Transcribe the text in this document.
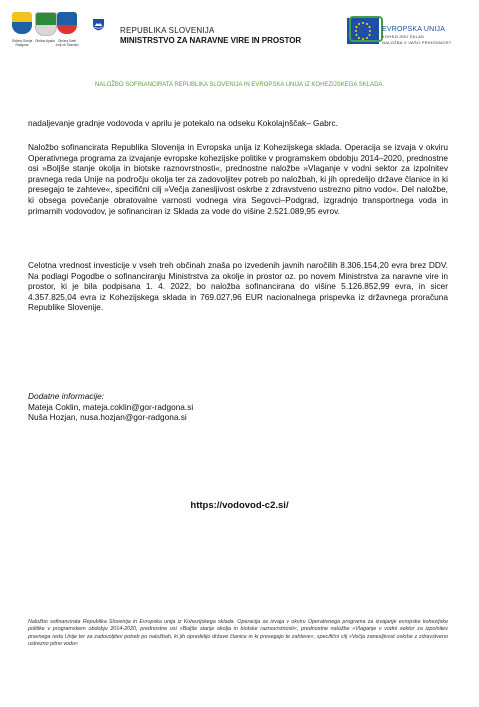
Občina Gornja Radgona
Občina Apače Občina Sveti Jurij ob Ščavnici
REPUBLIKA SLOVENIJA
MINISTRSTVO ZA NARAVNE VIRE IN PROSTOR
EVROPSKA UNIJA
KOHEZIJSKI SKLAD
NALOŽBA V VAŠO PRIHODNOST
NALOŽBO SOFINANCIRATA REPUBLIKA SLOVENIJA IN EVROPSKA UNIJA IZ KOHEZIJSKEGA SKLADA.
nadaljevanje gradnje vodovoda v aprilu je potekalo na odseku Kokolajnščak– Gabrc.
Naložbo sofinancirata Republika Slovenija in Evropska unija iz Kohezijskega sklada. Operacija se izvaja v okviru Operativnega programa za izvajanje evropske kohezijske politike v programskem obdobju 2014–2020, prednostne osi »Boljše stanje okolja in biotske raznovrstnosti«, prednostne naložbe »Vlaganje v vodni sektor za izpolnitev pravnega reda Unije na področju okolja ter za zadovoljitev potreb po naložbah, ki jih opredelijo države članice in ki presegajo te zahteve«, specifični cilj »Večja zanesljivost oskrbe z zdravstveno ustrezno pitno vodo«. Del naložbe, ki obsega povečanje obratovalne varnosti vodnega vira Segovci–Podgrad, izgradnjo transportnega voda in primarnih vodovodov, je sofinanciran iz Sklada za vode do višine 2.521.089,95 evrov.
Celotna vrednost investicije v vseh treh občinah znaša po izvedenih javnih naročilih 8.306.154,20 evra brez DDV. Na podlagi Pogodbe o sofinanciranju Ministrstva za okolje in prostor oz. po novem Ministrstva za naravne vire in prostor, ki je bila podpisana 1. 4. 2022, bo naložba sofinancirana do višine 5.126.852,99 evra, in sicer 4.357.825,04 evra iz Kohezijskega sklada in 769.027,96 EUR nacionalnega prispevka iz državnega proračuna Republike Slovenije.
Dodatne informacije:
Mateja Coklin, mateja.coklin@gor-radgona.si
Nuša Hozjan, nusa.hozjan@gor-radgona.si
https://vodovod-c2.si/
Naložbo sofinancirata Republika Slovenija in Evropska unija iz Kohezijskega sklada. Operacija se izvaja v okviru Operativnega programa za izvajanje evropske kohezijske politike v programskem obdobju 2014-2020, prednostne osi »Boljše stanje okolja in biotske raznovrstnosti«, prednostne naložbe »Vlaganje v vodni sektor za izpolnitev pravnega reda Unije ter za zadovoljitev potreb po naložbah, ki jih opredelijo države članice in ki presegajo te zahteve«, specifični cilj »Večja zanesljivost oskrbe z zdravstveno ustrezno pitno vodo«
